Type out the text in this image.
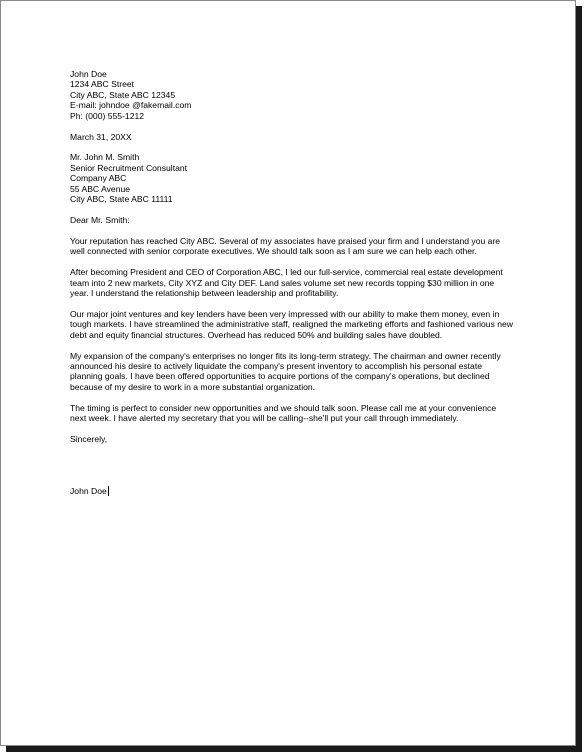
John Doe
1234 ABC Street
City ABC, State ABC 12345
E-mail: johndoe @fakemail.com
Ph: (000) 555-1212
March 31, 20XX
Mr. John M. Smith
Senior Recruitment Consultant
Company ABC
55 ABC Avenue
City ABC, State ABC 11111
Dear Mr. Smith:

Your reputation has reached City ABC. Several of my associates have praised your firm and I understand you are well connected with senior corporate executives. We should talk soon as I am sure we can help each other.

After becoming President and CEO of Corporation ABC, I led our full-service, commercial real estate development team into 2 new markets, City XYZ and City DEF. Land sales volume set new records topping $30 million in one year. I understand the relationship between leadership and profitability.

Our major joint ventures and key lenders have been very impressed with our ability to make them money, even in tough markets. I have streamlined the administrative staff, realigned the marketing efforts and fashioned various new debt and equity financial structures. Overhead has reduced 50% and building sales have doubled.

My expansion of the company's enterprises no longer fits its long-term strategy. The chairman and owner recently announced his desire to actively liquidate the company's present inventory to accomplish his personal estate planning goals. I have been offered opportunities to acquire portions of the company's operations, but declined because of my desire to work in a more substantial organization.

The timing is perfect to consider new opportunities and we should talk soon. Please call me at your convenience next week. I have alerted my secretary that you will be calling--she'll put your call through immediately.

Sincerely,
John Doe
